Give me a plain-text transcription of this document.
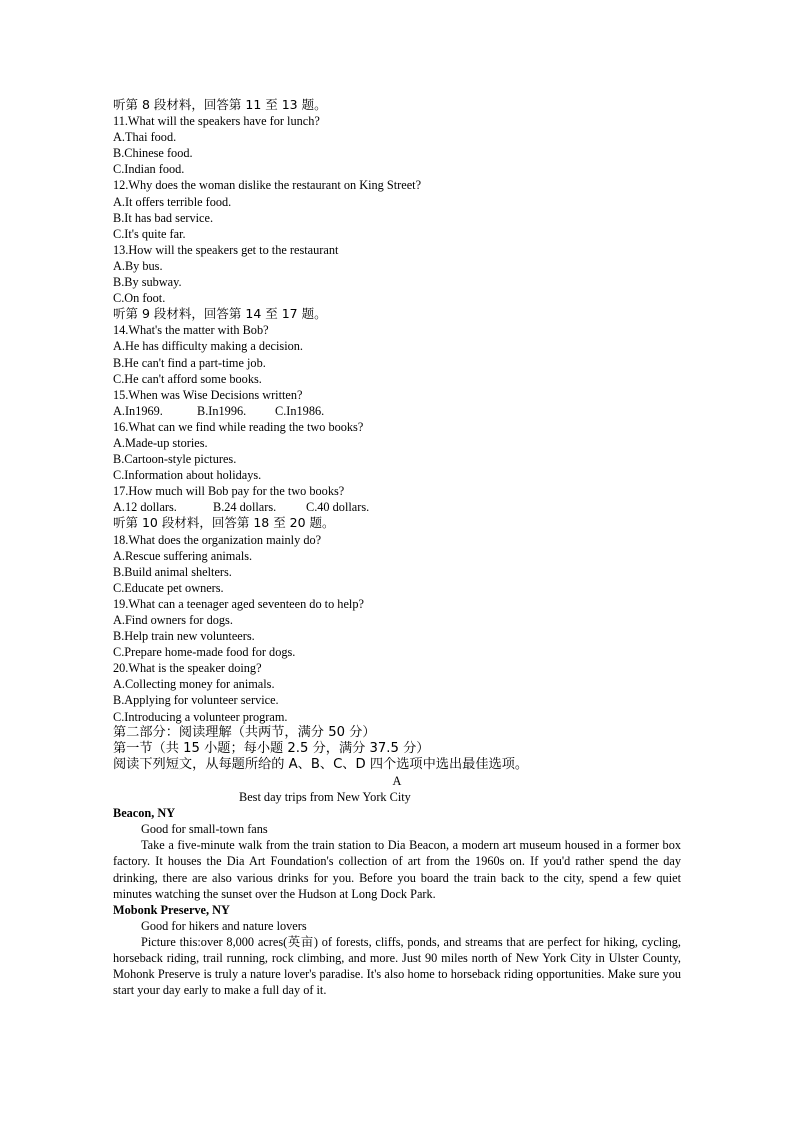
听第 8 段材料，回答第 11 至 13 题。
11.What will the speakers have for lunch?
A.Thai food.
B.Chinese food.
C.Indian food.
12.Why does the woman dislike the restaurant on King Street?
A.It offers terrible food.
B.It has bad service.
C.It's quite far.
13.How will the speakers get to the restaurant
A.By bus.
B.By subway.
C.On foot.
听第 9 段材料，回答第 14 至 17 题。
14.What's the matter with Bob?
A.He has difficulty making a decision.
B.He can't find a part-time job.
C.He can't afford some books.
15.When was Wise Decisions written?
A.In1969.	B.In1996. C.In1986.
16.What can we find while reading the two books?
A.Made-up stories.
B.Cartoon-style pictures.
C.Information about holidays.
17.How much will Bob pay for the two books?
A.12 dollars.	B.24 dollars. C.40 dollars.
听第 10 段材料，回答第 18 至 20 题。
18.What does the organization mainly do?
A.Rescue suffering animals.
B.Build animal shelters.
C.Educate pet owners.
19.What can a teenager aged seventeen do to help?
A.Find owners for dogs.
B.Help train new volunteers.
C.Prepare home-made food for dogs.
20.What is the speaker doing?
A.Collecting money for animals.
B.Applying for volunteer service.
C.Introducing a volunteer program.
第二部分：阅读理解（共两节，满分 50 分）
第一节（共 15 小题；每小题 2.5 分，满分 37.5 分）
阅读下列短文，从每题所给的 A、B、C、D 四个选项中选出最佳选项。
A
Best day trips from New York City
Beacon, NY
Good for small-town fans
Take a five-minute walk from the train station to Dia Beacon, a modern art museum housed in a former box factory. It houses the Dia Art Foundation's collection of art from the 1960s on. If you'd rather spend the day drinking, there are also various drinks for you. Before you board the train back to the city, spend a few quiet minutes watching the sunset over the Hudson at Long Dock Park.
Mobonk Preserve, NY
Good for hikers and nature lovers
Picture this:over 8,000 acres(英亩) of forests, cliffs, ponds, and streams that are perfect for hiking, cycling, horseback riding, trail running, rock climbing, and more. Just 90 miles north of New York City in Ulster County, Mohonk Preserve is truly a nature lover's paradise. It's also home to horseback riding opportunities. Make sure you start your day early to make a full day of it.
